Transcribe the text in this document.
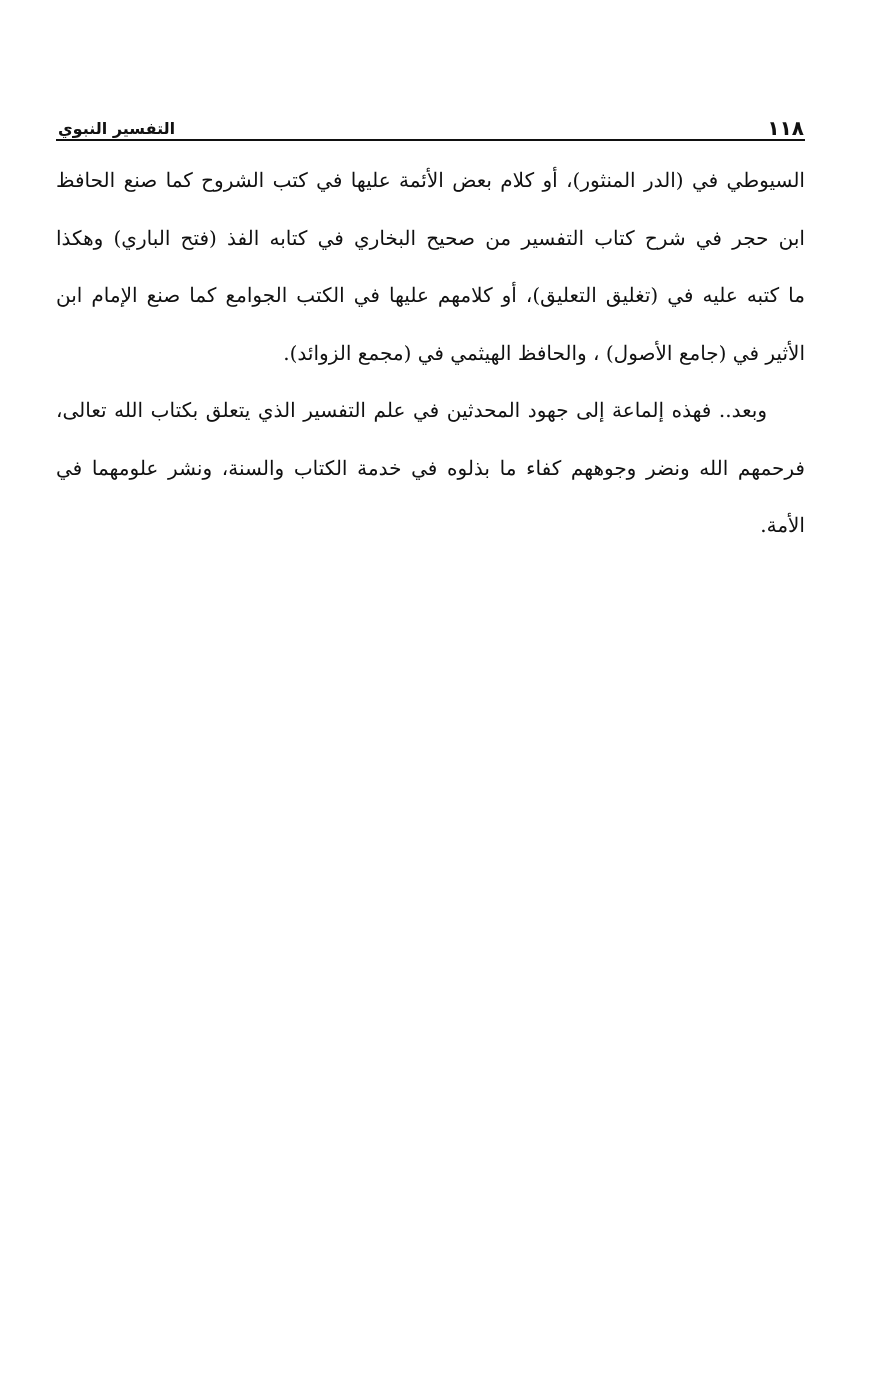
١١٨
التفسير النبوي
السيوطي في (الدر المنثور)، أو كلام بعض الأئمة عليها في كتب الشروح كما صنع الحافظ
ابن حجر في شرح كتاب التفسير من صحيح البخاري في كتابه الفذ (فتح الباري) وهكذا
ما كتبه عليه في (تغليق التعليق)، أو كلامهم عليها في الكتب الجوامع كما صنع الإمام ابن
الأثير في (جامع الأصول) ، والحافظ الهيثمي في (مجمع الزوائد).
وبعد.. فهذه إلماعة إلى جهود المحدثين في علم التفسير الذي يتعلق بكتاب الله تعالى،
فرحمهم الله ونضر وجوههم كفاء ما بذلوه في خدمة الكتاب والسنة، ونشر علومهما في
الأمة.
